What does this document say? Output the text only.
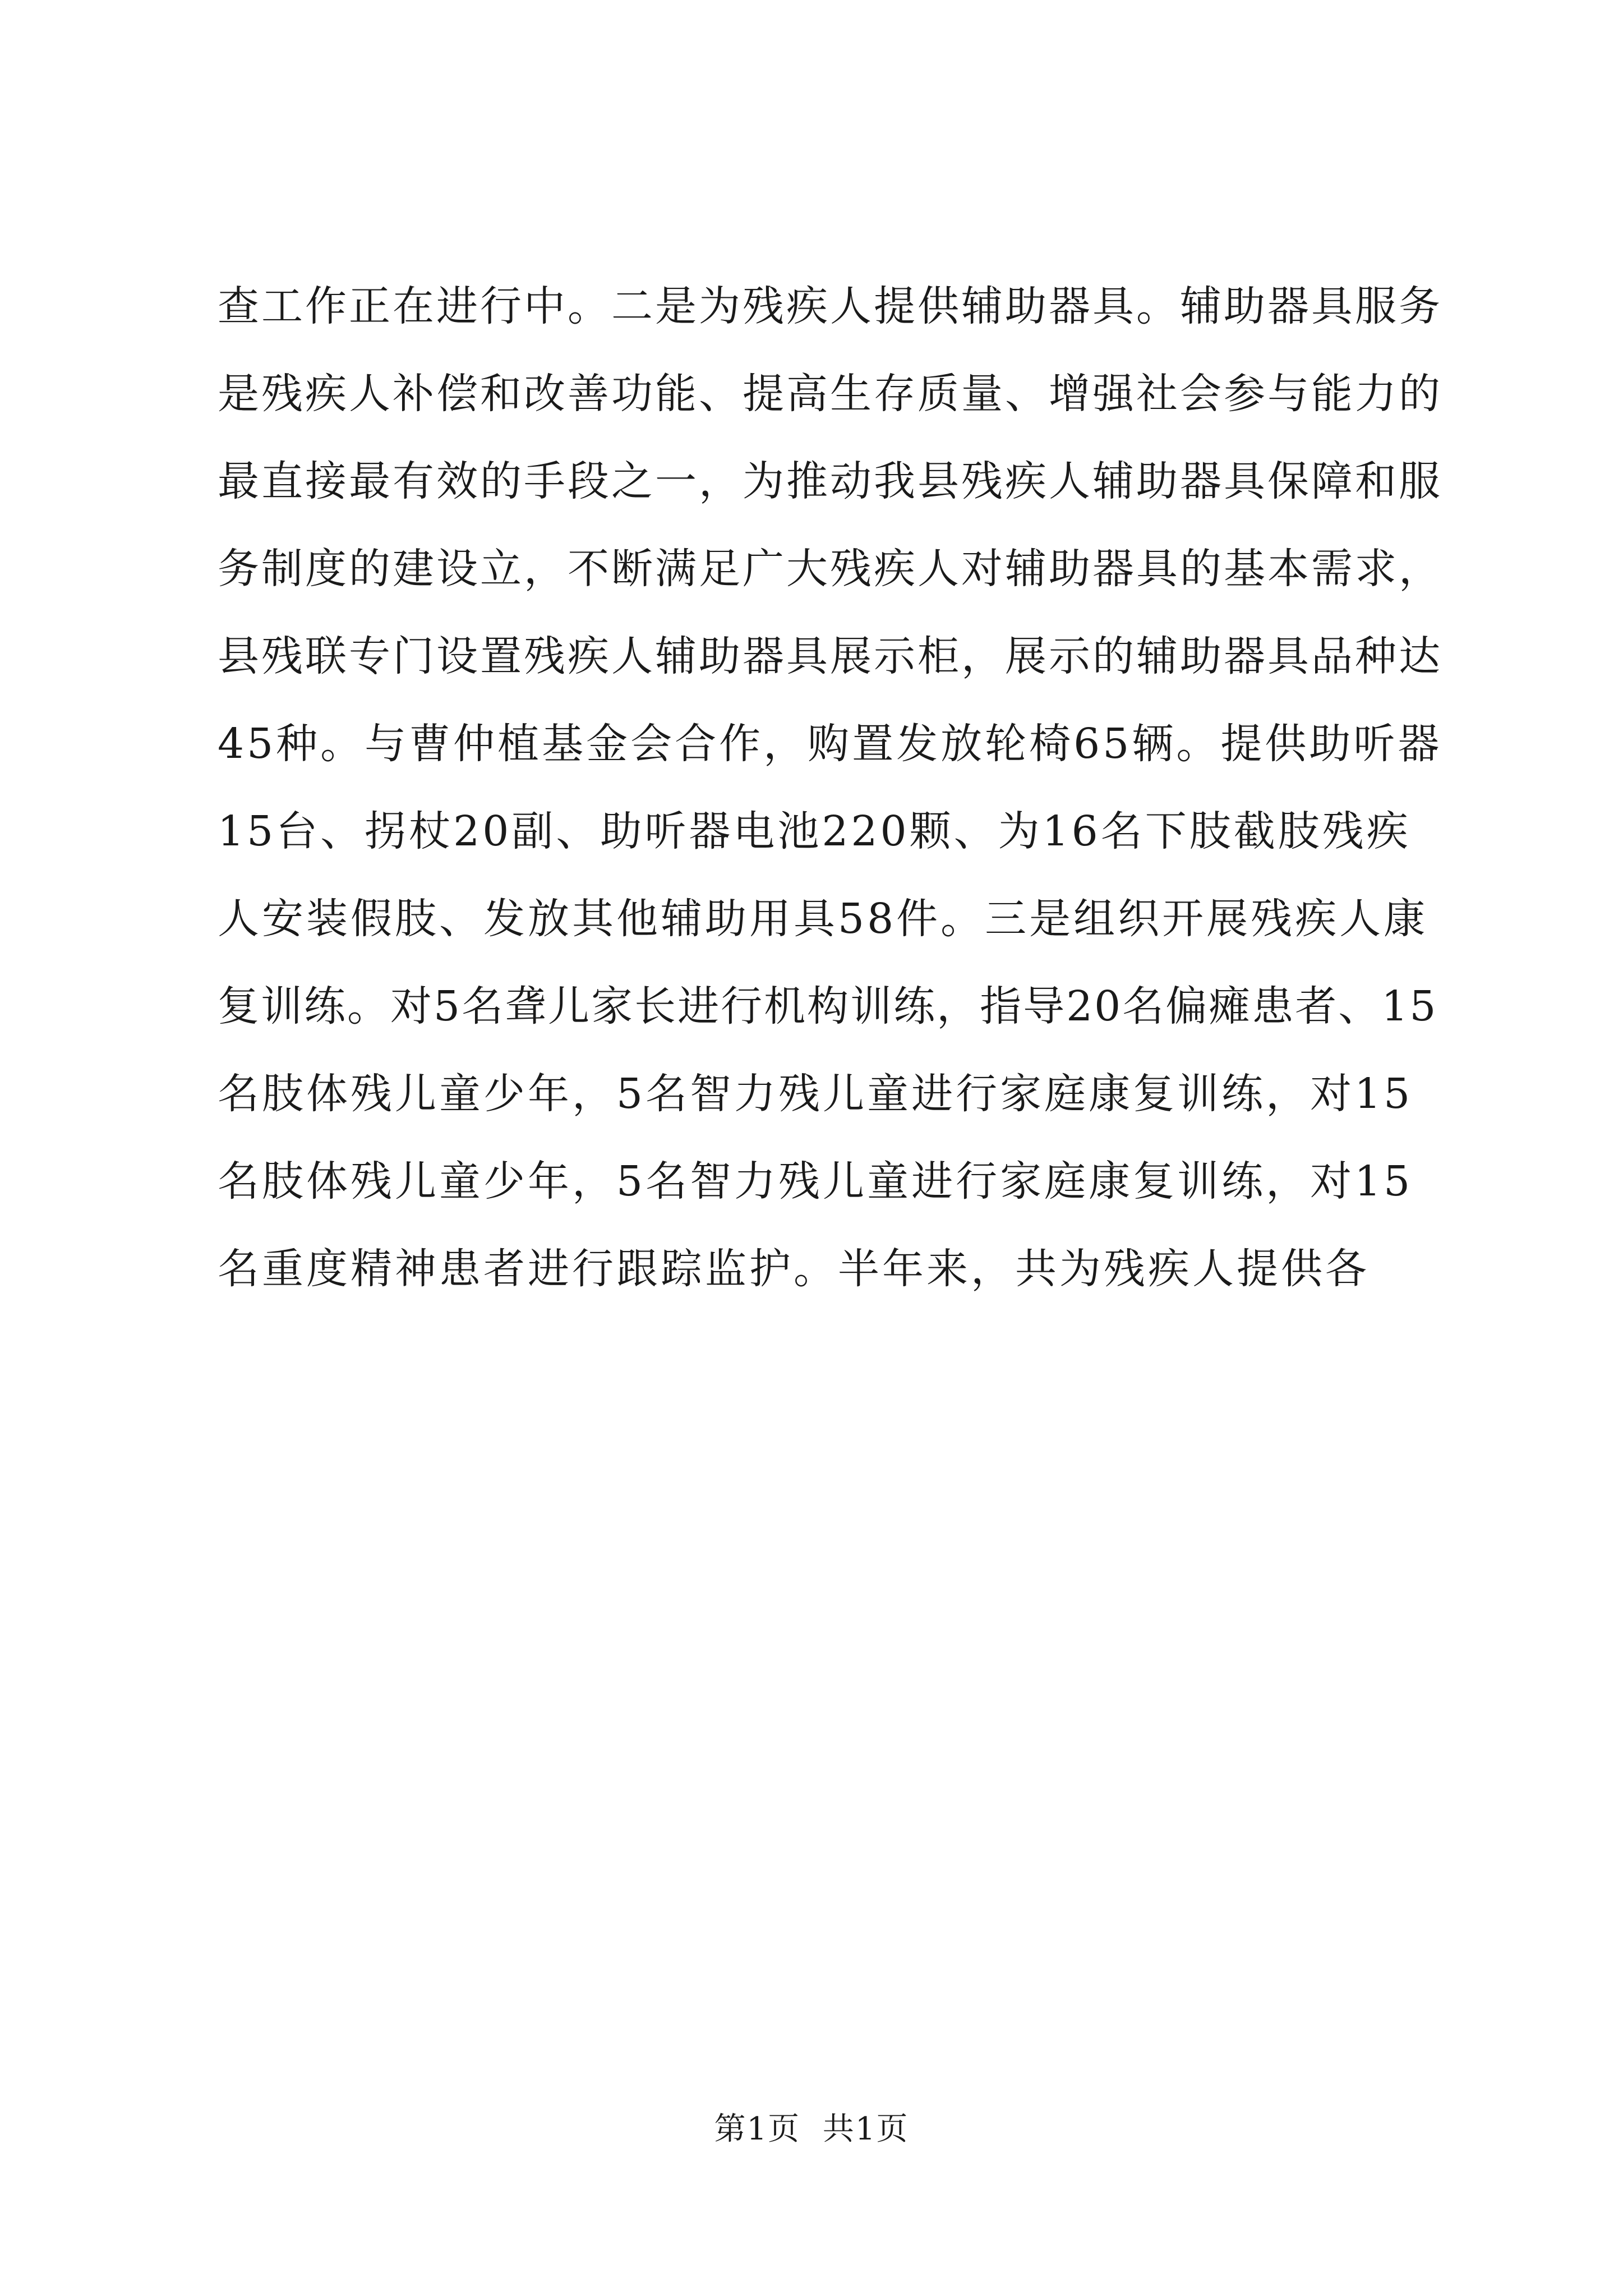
查工作正在进行中。二是为残疾人提供辅助器具。辅助器具服务
是残疾人补偿和改善功能、提高生存质量、增强社会参与能力的
最直接最有效的手段之一，为推动我县残疾人辅助器具保障和服
务制度的建设立，不断满足广大残疾人对辅助器具的基本需求，
县残联专门设置残疾人辅助器具展示柜，展示的辅助器具品种达
45种。与曹仲植基金会合作，购置发放轮椅65辆。提供助听器
15台、拐杖20副、助听器电池220颗、为16名下肢截肢残疾
人安装假肢、发放其他辅助用具58件。三是组织开展残疾人康
复训练。对5名聋儿家长进行机构训练，指导20名偏瘫患者、15
名肢体残儿童少年，5名智力残儿童进行家庭康复训练，对15
名肢体残儿童少年，5名智力残儿童进行家庭康复训练，对15
名重度精神患者进行跟踪监护。半年来，共为残疾人提供各
第1页 共1页
